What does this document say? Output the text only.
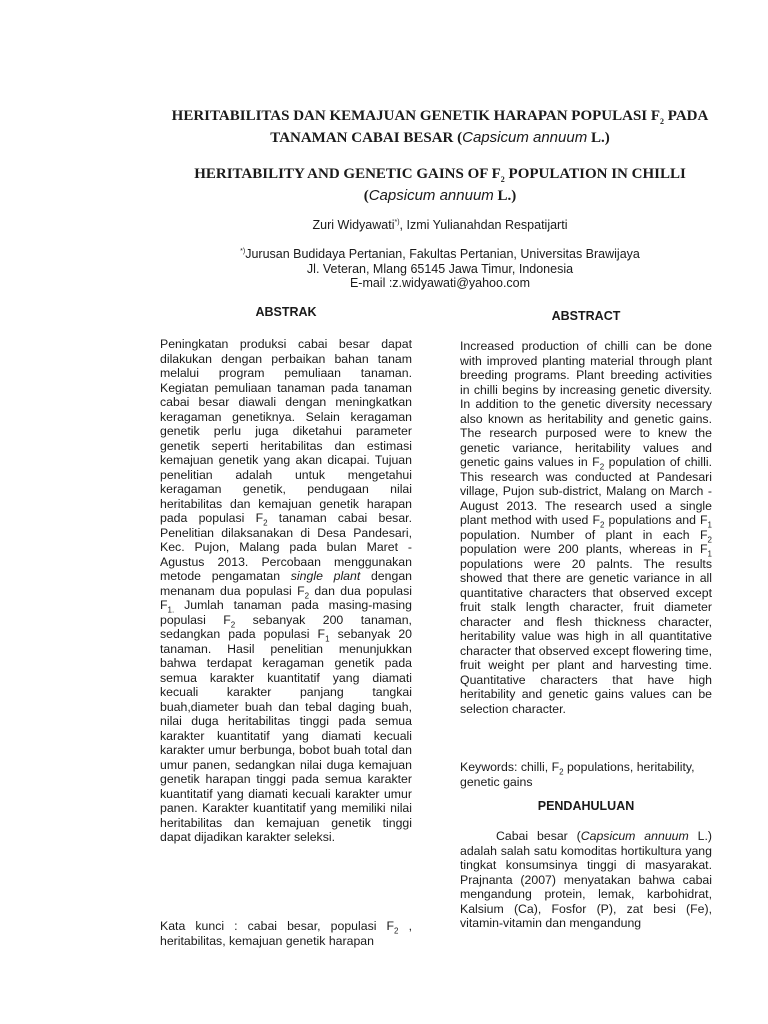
HERITABILITAS DAN KEMAJUAN GENETIK HARAPAN POPULASI $F_2$ PADA
TANAMAN CABAI BESAR (Capsicum annuum L.)
HERITABILITY AND GENETIC GAINS OF $F_2$ POPULATION IN CHILLI
(Capsicum annuum L.)
Zuri Widyawati*), Izmi Yulianahdan Respatijarti
*)Jurusan Budidaya Pertanian, Fakultas Pertanian, Universitas Brawijaya
Jl. Veteran, Mlang 65145 Jawa Timur, Indonesia
E-mail :z.widyawati@yahoo.com
ABSTRAK	ABSTRACT

Peningkatan produksi cabai besar dapat dilakukan dengan perbaikan bahan tanam melalui program pemuliaan tanaman. Kegiatan pemuliaan tanaman pada tanaman cabai besar diawali dengan meningkatkan keragaman genetiknya. Selain keragaman genetik perlu juga diketahui parameter genetik seperti heritabilitas dan estimasi kemajuan genetik yang akan dicapai. Tujuan penelitian adalah untuk mengetahui keragaman genetik, pendugaan nilai heritabilitas dan kemajuan genetik harapan pada populasi $F_2$ tanaman cabai besar. Penelitian dilaksanakan di Desa Pandesari, Kec. Pujon, Malang pada bulan Maret - Agustus 2013. Percobaan menggunakan metode pengamatan single plant dengan menanam dua populasi $F_2$ dan dua populasi $F_{1.}$ Jumlah tanaman pada masing-masing populasi $F_2$ sebanyak 200 tanaman, sedangkan pada populasi $F_1$ sebanyak 20 tanaman. Hasil penelitian menunjukkan bahwa terdapat keragaman genetik pada semua karakter kuantitatif yang diamati kecuali karakter panjang tangkai buah,diameter buah dan tebal daging buah, nilai duga heritabilitas tinggi pada semua karakter kuantitatif yang diamati kecuali karakter umur berbunga, bobot buah total dan umur panen, sedangkan nilai duga kemajuan genetik harapan tinggi pada semua karakter kuantitatif yang diamati kecuali karakter umur panen. Karakter kuantitatif yang memiliki nilai heritabilitas dan kemajuan genetik tinggi dapat dijadikan karakter seleksi.

Kata kunci : cabai besar, populasi $F_2$ , heritabilitas, kemajuan genetik harapan

Increased production of chilli can be done with improved planting material through plant breeding programs. Plant breeding activities in chilli begins by increasing genetic diversity. In addition to the genetic diversity necessary also known as heritability and genetic gains. The research purposed were to knew the genetic variance, heritability values and genetic gains values in $F_2$ population of chilli. This research was conducted at Pandesari village, Pujon sub-district, Malang on March - August 2013. The research used a single plant method with used $F_2$ populations and $F_1$ population. Number of plant in each $F_2$ population were 200 plants, whereas in $F_1$ populations were 20 palnts. The results showed that there are genetic variance in all quantitative characters that observed except fruit stalk length character, fruit diameter character and flesh thickness character, heritability value was high in all quantitative character that observed except flowering time, fruit weight per plant and harvesting time. Quantitative characters that have high heritability and genetic gains values can be selection character.

Keywords: chilli, $F_2$ populations, heritability, genetic gains

PENDAHULUAN

Cabai besar (Capsicum annuum L.) adalah salah satu komoditas hortikultura yang tingkat konsumsinya tinggi di masyarakat. Prajnanta (2007) menyatakan bahwa cabai mengandung protein, lemak, karbohidrat, Kalsium (Ca), Fosfor (P), zat besi (Fe), vitamin-vitamin dan mengandung
